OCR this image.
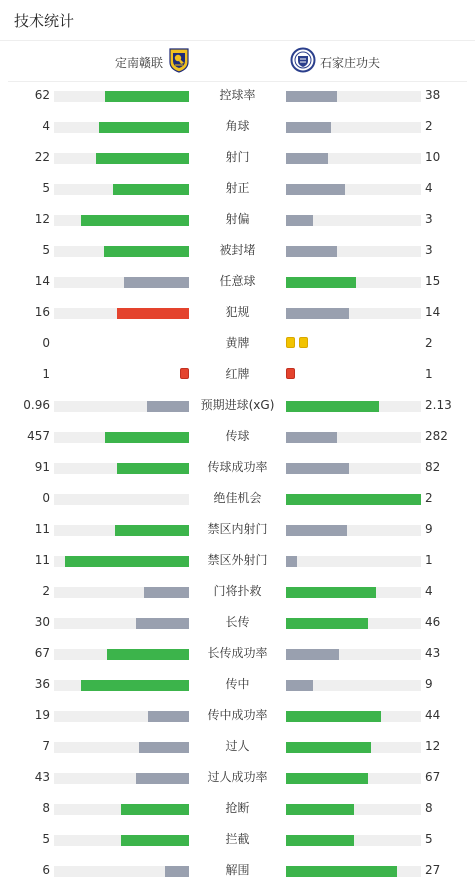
技术统计
定南赣联	石家庄功夫
62	控球率	38
4	角球	2
22	射门	10
5	射正	4
12	射偏	3
5	被封堵	3
14	任意球	15
16	犯规	14
0	黄牌	2
1	红牌	1
0.96	预期进球(xG)	2.13
457	传球	282
91	传球成功率	82
0	绝佳机会	2
11	禁区内射门	9
11	禁区外射门	1
2	门将扑救	4
30	长传	46
67	长传成功率	43
36	传中	9
19	传中成功率	44
7	过人	12
43	过人成功率	67
8	抢断	8
5	拦截	5
6	解围	27
